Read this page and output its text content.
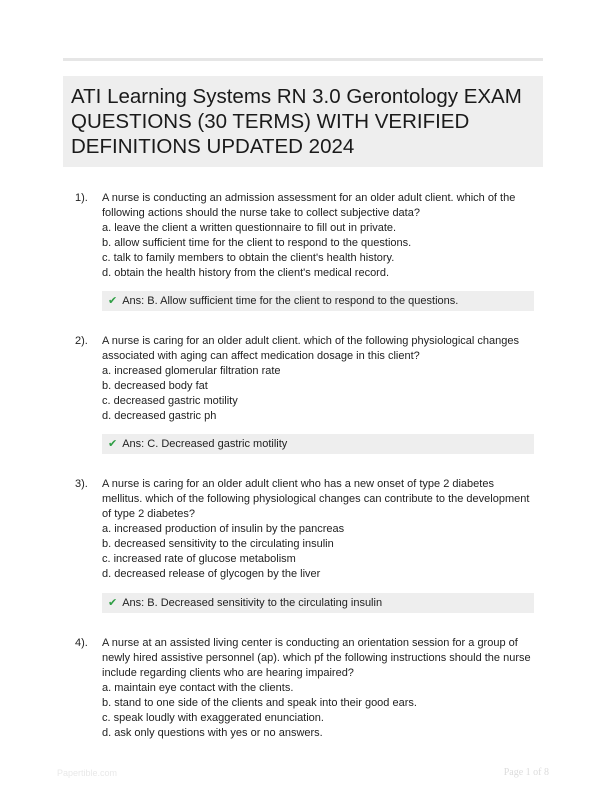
ATI Learning Systems RN 3.0 Gerontology EXAM QUESTIONS (30 TERMS) WITH VERIFIED DEFINITIONS UPDATED 2024
1). A nurse is conducting an admission assessment for an older adult client. which of the following actions should the nurse take to collect subjective data?
a. leave the client a written questionnaire to fill out in private.
b. allow sufficient time for the client to respond to the questions.
c. talk to family members to obtain the client's health history.
d. obtain the health history from the client's medical record.
✔ Ans: B. Allow sufficient time for the client to respond to the questions.
2). A nurse is caring for an older adult client. which of the following physiological changes associated with aging can affect medication dosage in this client?
a. increased glomerular filtration rate
b. decreased body fat
c. decreased gastric motility
d. decreased gastric ph
✔ Ans: C. Decreased gastric motility
3). A nurse is caring for an older adult client who has a new onset of type 2 diabetes mellitus. which of the following physiological changes can contribute to the development of type 2 diabetes?
a. increased production of insulin by the pancreas
b. decreased sensitivity to the circulating insulin
c. increased rate of glucose metabolism
d. decreased release of glycogen by the liver
✔ Ans: B. Decreased sensitivity to the circulating insulin
4). A nurse at an assisted living center is conducting an orientation session for a group of newly hired assistive personnel (ap). which pf the following instructions should the nurse include regarding clients who are hearing impaired?
a. maintain eye contact with the clients.
b. stand to one side of the clients and speak into their good ears.
c. speak loudly with exaggerated enunciation.
d. ask only questions with yes or no answers.
Papertible.com	Page 1 of 8
